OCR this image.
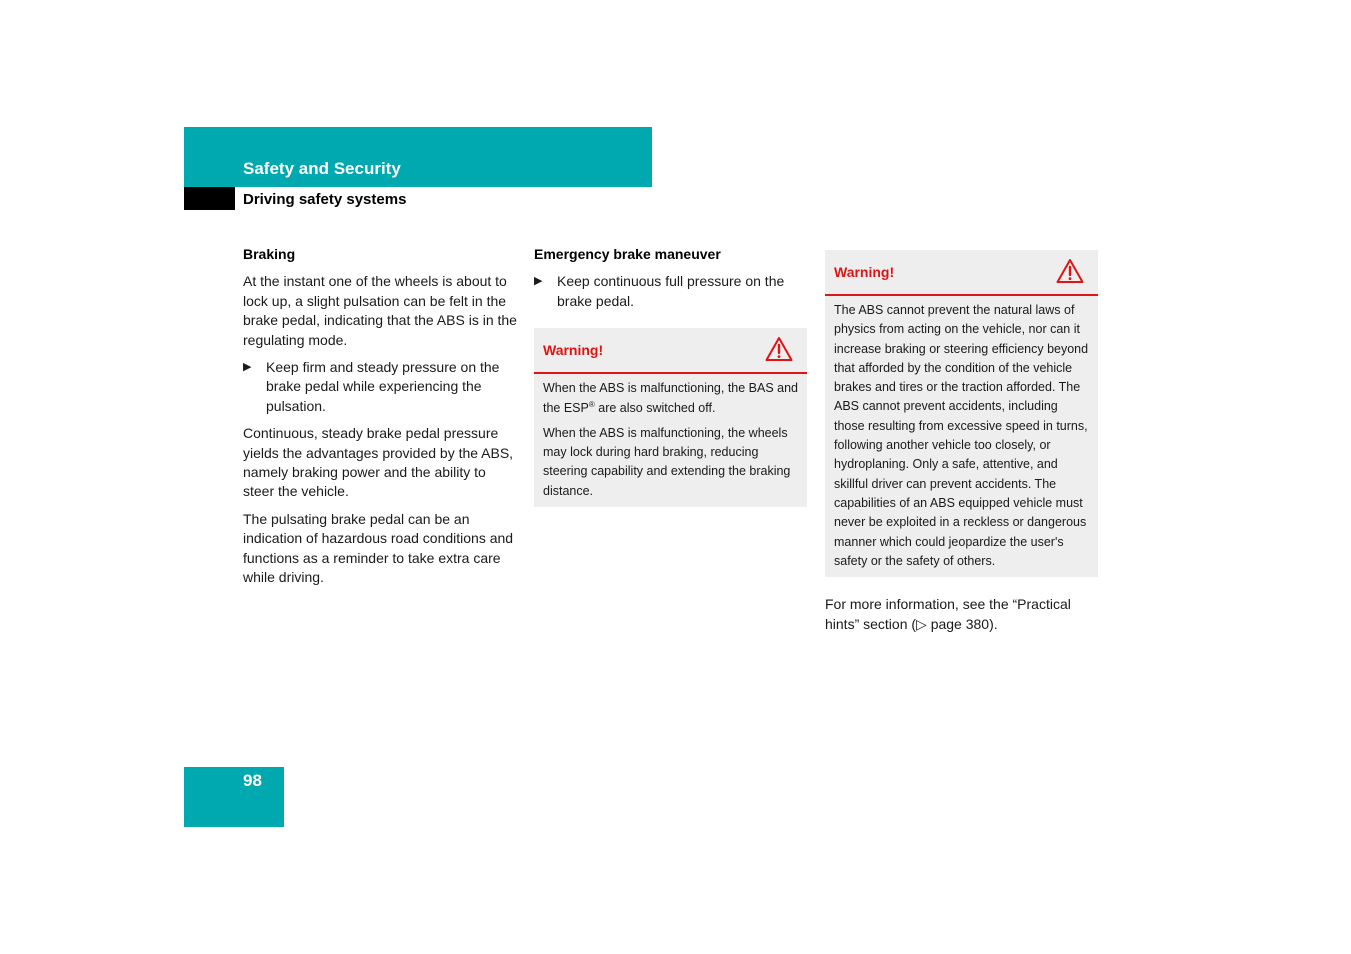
Safety and Security
Driving safety systems
Braking

At the instant one of the wheels is about to lock up, a slight pulsation can be felt in the brake pedal, indicating that the ABS is in the regulating mode.

▶ Keep firm and steady pressure on the brake pedal while experiencing the pulsation.

Continuous, steady brake pedal pressure yields the advantages provided by the ABS, namely braking power and the ability to steer the vehicle.

The pulsating brake pedal can be an indication of hazardous road conditions and functions as a reminder to take extra care while driving.

Emergency brake maneuver
▶ Keep continuous full pressure on the brake pedal.
Warning!

When the ABS is malfunctioning, the BAS and the ESP® are also switched off.

When the ABS is malfunctioning, the wheels may lock during hard braking, reducing steering capability and extending the braking distance.

Warning!

The ABS cannot prevent the natural laws of physics from acting on the vehicle, nor can it increase braking or steering efficiency beyond that afforded by the condition of the vehicle brakes and tires or the traction afforded. The ABS cannot prevent accidents, including those resulting from excessive speed in turns, following another vehicle too closely, or hydroplaning. Only a safe, attentive, and skillful driver can prevent accidents. The capabilities of an ABS equipped vehicle must never be exploited in a reckless or dangerous manner which could jeopardize the user's safety or the safety of others.

For more information, see the “Practical hints” section (▷ page 380).
98
